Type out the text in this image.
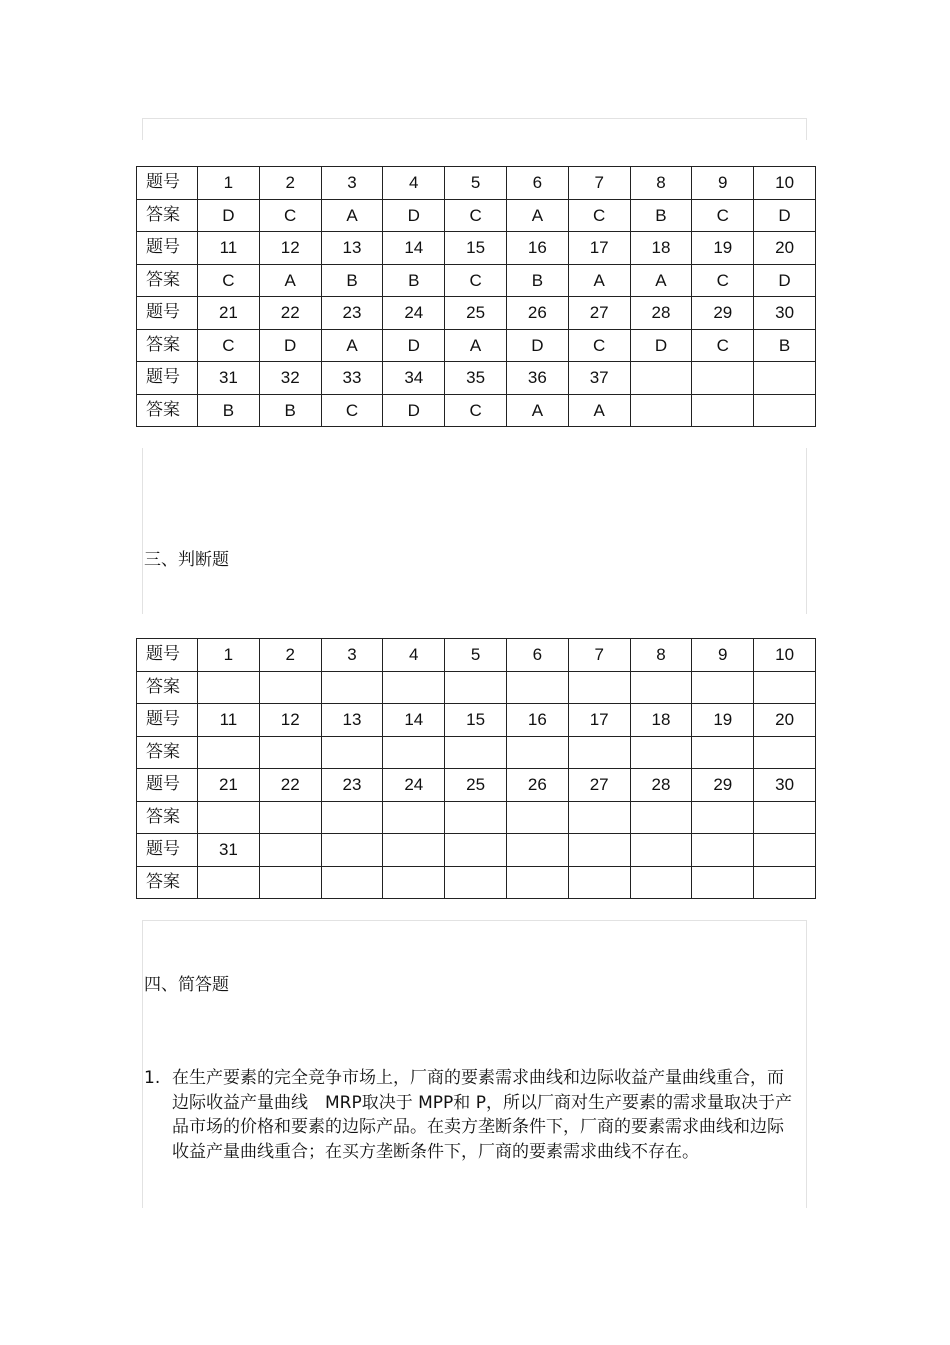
题号	1	2	3	4	5	6	7	8	9	10
答案	D	C	A	D	C	A	C	B	C	D
题号	11	12	13	14	15	16	17	18	19	20
答案	C	A	B	B	C	B	A	A	C	D
题号	21	22	23	24	25	26	27	28	29	30
答案	C	D	A	D	A	D	C	D	C	B
题号	31	32	33	34	35	36	37			
答案	B	B	C	D	C	A	A			
三、判断题
题号	1	2	3	4	5	6	7	8	9	10
答案										
题号	11	12	13	14	15	16	17	18	19	20
答案										
题号	21	22	23	24	25	26	27	28	29	30
答案										
题号	31									
答案										
四、简答题
1. 在生产要素的完全竞争市场上，厂商的要素需求曲线和边际收益产量曲线重合，而边际收益产量曲线　MRP取决于 MPP和 P，所以厂商对生产要素的需求量取决于产品市场的价格和要素的边际产品。在卖方垄断条件下，厂商的要素需求曲线和边际收益产量曲线重合；在买方垄断条件下，厂商的要素需求曲线不存在。
